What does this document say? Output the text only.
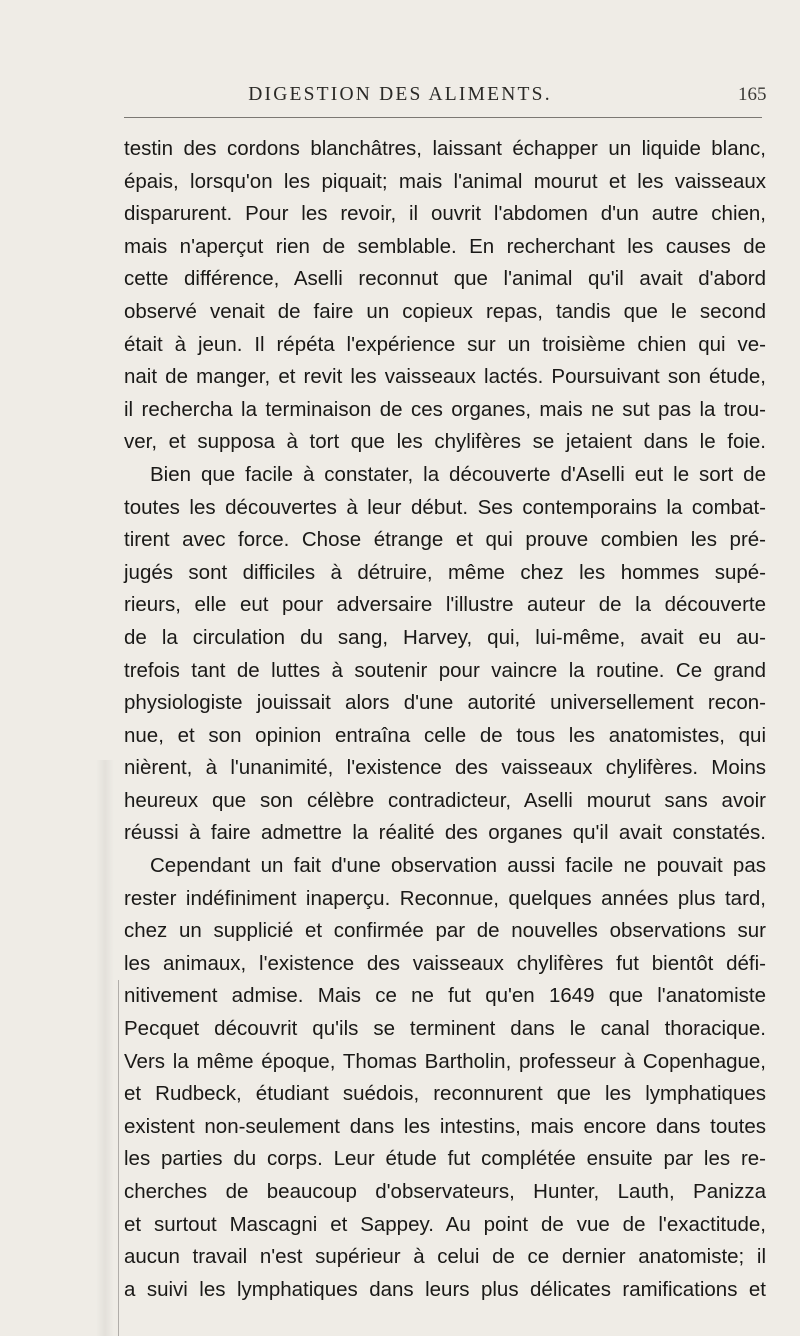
DIGESTION DES ALIMENTS.	165
testin des cordons blanchâtres, laissant échapper un liquide blanc,
épais, lorsqu'on les piquait; mais l'animal mourut et les vaisseaux
disparurent. Pour les revoir, il ouvrit l'abdomen d'un autre chien,
mais n'aperçut rien de semblable. En recherchant les causes de
cette différence, Aselli reconnut que l'animal qu'il avait d'abord
observé venait de faire un copieux repas, tandis que le second
était à jeun. Il répéta l'expérience sur un troisième chien qui ve-
nait de manger, et revit les vaisseaux lactés. Poursuivant son étude,
il rechercha la terminaison de ces organes, mais ne sut pas la trou-
ver, et supposa à tort que les chylifères se jetaient dans le foie.
Bien que facile à constater, la découverte d'Aselli eut le sort de
toutes les découvertes à leur début. Ses contemporains la combat-
tirent avec force. Chose étrange et qui prouve combien les pré-
jugés sont difficiles à détruire, même chez les hommes supé-
rieurs, elle eut pour adversaire l'illustre auteur de la découverte
de la circulation du sang, Harvey, qui, lui-même, avait eu au-
trefois tant de luttes à soutenir pour vaincre la routine. Ce grand
physiologiste jouissait alors d'une autorité universellement recon-
nue, et son opinion entraîna celle de tous les anatomistes, qui
nièrent, à l'unanimité, l'existence des vaisseaux chylifères. Moins
heureux que son célèbre contradicteur, Aselli mourut sans avoir
réussi à faire admettre la réalité des organes qu'il avait constatés.
Cependant un fait d'une observation aussi facile ne pouvait pas
rester indéfiniment inaperçu. Reconnue, quelques années plus tard,
chez un supplicié et confirmée par de nouvelles observations sur
les animaux, l'existence des vaisseaux chylifères fut bientôt défi-
nitivement admise. Mais ce ne fut qu'en 1649 que l'anatomiste
Pecquet découvrit qu'ils se terminent dans le canal thoracique.
Vers la même époque, Thomas Bartholin, professeur à Copenhague,
et Rudbeck, étudiant suédois, reconnurent que les lymphatiques
existent non-seulement dans les intestins, mais encore dans toutes
les parties du corps. Leur étude fut complétée ensuite par les re-
cherches de beaucoup d'observateurs, Hunter, Lauth, Panizza
et surtout Mascagni et Sappey. Au point de vue de l'exactitude,
aucun travail n'est supérieur à celui de ce dernier anatomiste; il
a suivi les lymphatiques dans leurs plus délicates ramifications et
